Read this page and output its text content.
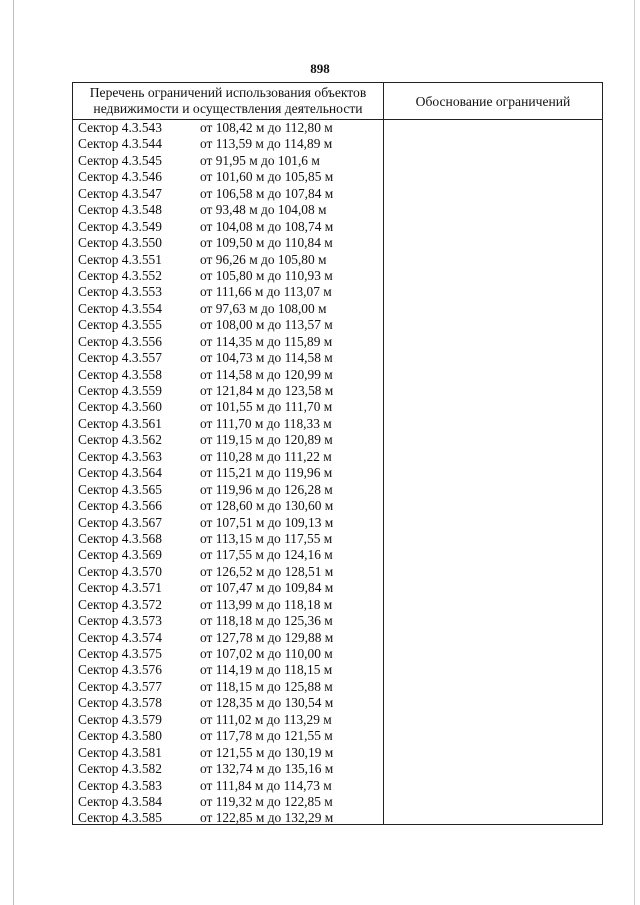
898
Перечень ограничений использования объектов недвижимости и осуществления деятельности	Обоснование ограничений
Сектор 4.3.543	от 108,42 м до 112,80 м
Сектор 4.3.544	от 113,59 м до 114,89 м
Сектор 4.3.545	от 91,95 м до 101,6 м
Сектор 4.3.546	от 101,60 м до 105,85 м
Сектор 4.3.547	от 106,58 м до 107,84 м
Сектор 4.3.548	от 93,48 м до 104,08 м
Сектор 4.3.549	от 104,08 м до 108,74 м
Сектор 4.3.550	от 109,50 м до 110,84 м
Сектор 4.3.551	от 96,26 м до 105,80 м
Сектор 4.3.552	от 105,80 м до 110,93 м
Сектор 4.3.553	от 111,66 м до 113,07 м
Сектор 4.3.554	от 97,63 м до 108,00 м
Сектор 4.3.555	от 108,00 м до 113,57 м
Сектор 4.3.556	от 114,35 м до 115,89 м
Сектор 4.3.557	от 104,73 м до 114,58 м
Сектор 4.3.558	от 114,58 м до 120,99 м
Сектор 4.3.559	от 121,84 м до 123,58 м
Сектор 4.3.560	от 101,55 м до 111,70 м
Сектор 4.3.561	от 111,70 м до 118,33 м
Сектор 4.3.562	от 119,15 м до 120,89 м
Сектор 4.3.563	от 110,28 м до 111,22 м
Сектор 4.3.564	от 115,21 м до 119,96 м
Сектор 4.3.565	от 119,96 м до 126,28 м
Сектор 4.3.566	от 128,60 м до 130,60 м
Сектор 4.3.567	от 107,51 м до 109,13 м
Сектор 4.3.568	от 113,15 м до 117,55 м
Сектор 4.3.569	от 117,55 м до 124,16 м
Сектор 4.3.570	от 126,52 м до 128,51 м
Сектор 4.3.571	от 107,47 м до 109,84 м
Сектор 4.3.572	от 113,99 м до 118,18 м
Сектор 4.3.573	от 118,18 м до 125,36 м
Сектор 4.3.574	от 127,78 м до 129,88 м
Сектор 4.3.575	от 107,02 м до 110,00 м
Сектор 4.3.576	от 114,19 м до 118,15 м
Сектор 4.3.577	от 118,15 м до 125,88 м
Сектор 4.3.578	от 128,35 м до 130,54 м
Сектор 4.3.579	от 111,02 м до 113,29 м
Сектор 4.3.580	от 117,78 м до 121,55 м
Сектор 4.3.581	от 121,55 м до 130,19 м
Сектор 4.3.582	от 132,74 м до 135,16 м
Сектор 4.3.583	от 111,84 м до 114,73 м
Сектор 4.3.584	от 119,32 м до 122,85 м
Сектор 4.3.585	от 122,85 м до 132,29 м
